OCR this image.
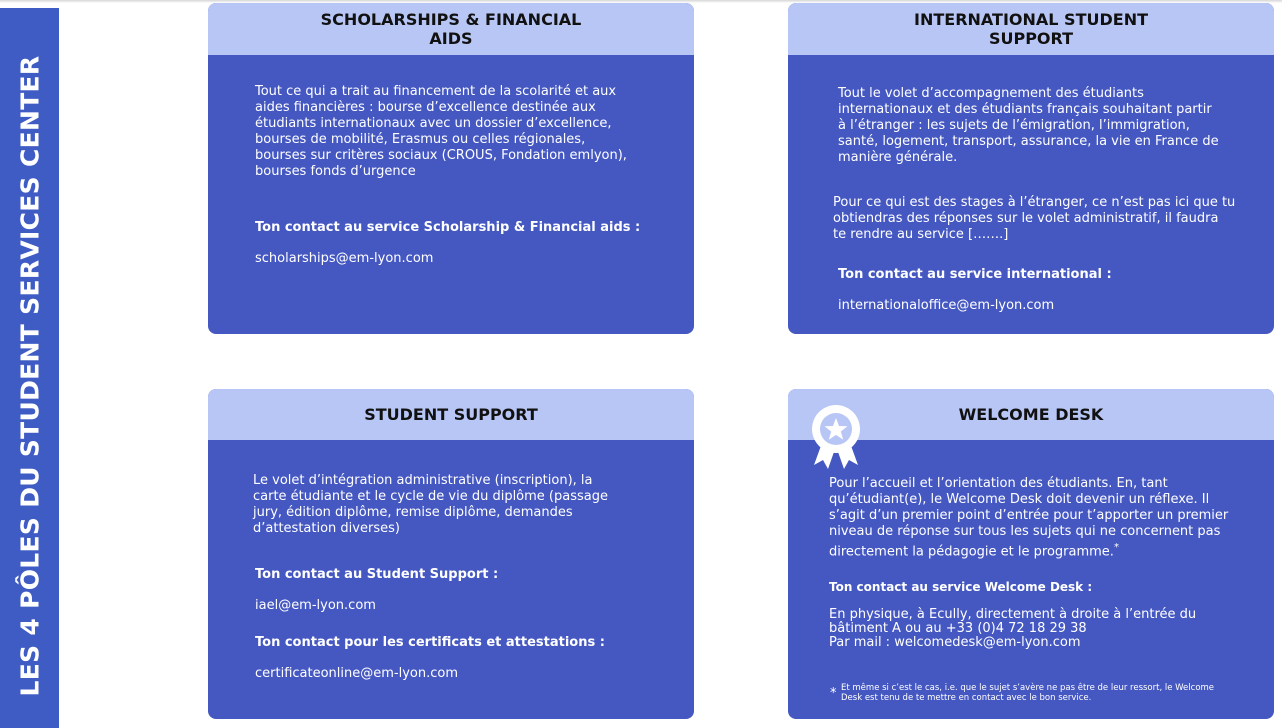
LES 4 PÔLES DU STUDENT SERVICES CENTER
SCHOLARSHIPS & FINANCIAL
AIDS
Tout ce qui a trait au financement de la scolarité et aux
aides financières : bourse d’excellence destinée aux
étudiants internationaux avec un dossier d’excellence,
bourses de mobilité, Erasmus ou celles régionales,
bourses sur critères sociaux (CROUS, Fondation emlyon),
bourses fonds d’urgence
Ton contact au service Scholarship & Financial aids :
scholarships@em-lyon.com
INTERNATIONAL STUDENT
SUPPORT
Tout le volet d’accompagnement des étudiants
internationaux et des étudiants français souhaitant partir
à l’étranger : les sujets de l’émigration, l’immigration,
santé, logement, transport, assurance, la vie en France de
manière générale.
Pour ce qui est des stages à l’étranger, ce n’est pas ici que tu
obtiendras des réponses sur le volet administratif, il faudra
te rendre au service […….]
Ton contact au service international :
internationaloffice@em-lyon.com
STUDENT SUPPORT
Le volet d’intégration administrative (inscription), la
carte étudiante et le cycle de vie du diplôme (passage
jury, édition diplôme, remise diplôme, demandes
d’attestation diverses)
Ton contact au Student Support :
iael@em-lyon.com
Ton contact pour les certificats et attestations :
certificateonline@em-lyon.com
WELCOME DESK
Pour l’accueil et l’orientation des étudiants. En, tant
qu’étudiant(e), le Welcome Desk doit devenir un réflexe. Il
s’agit d’un premier point d’entrée pour t’apporter un premier
niveau de réponse sur tous les sujets qui ne concernent pas
directement la pédagogie et le programme.*
Ton contact au service Welcome Desk :
En physique, à Ecully, directement à droite à l’entrée du
bâtiment A ou au +33 (0)4 72 18 29 38
Par mail : welcomedesk@em-lyon.com
* Et même si c’est le cas, i.e. que le sujet s’avère ne pas être de leur ressort, le Welcome
Desk est tenu de te mettre en contact avec le bon service.
